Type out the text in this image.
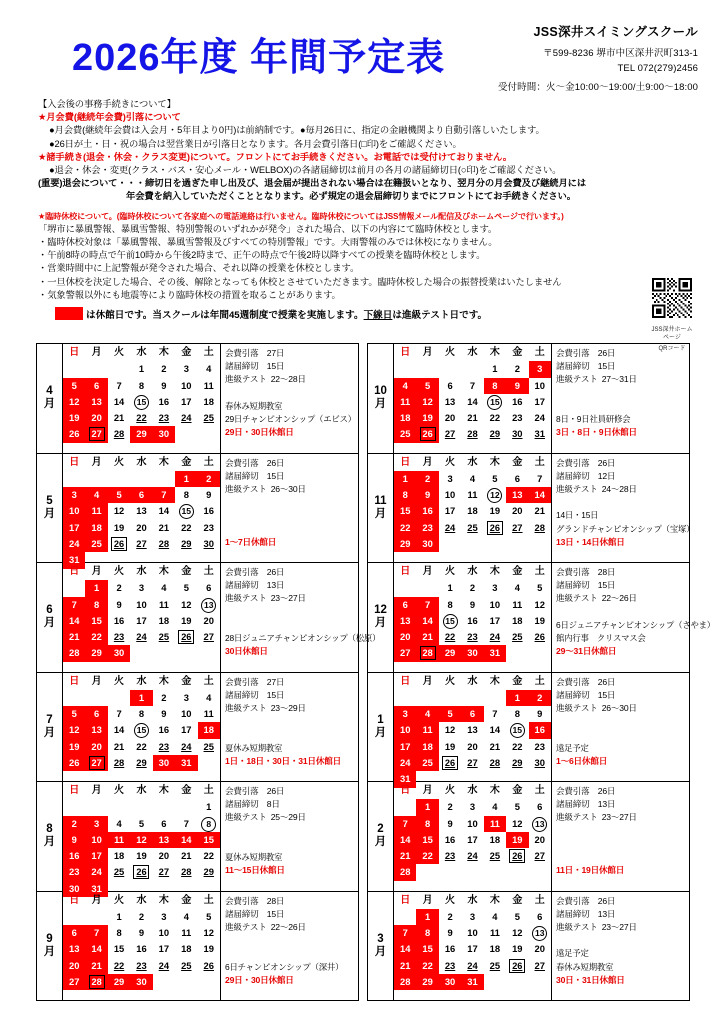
2026年度 年間予定表
JSS深井スイミングスクール
〒599-8236 堺市中区深井沢町313-1
TEL 072(279)2456
受付時間：火～金10:00～19:00/土9:00～18:00
【入会後の事務手続きについて】
★月会費(継続年会費)引落について
●月会費(継続年会費は入会月・5年目より0円)は前納制です。●毎月26日に、指定の金融機関より自動引落しいたします。
●26日が土・日・祝の場合は翌営業日が引落日となります。各月会費引落日(□印)をご確認ください。
★諸手続き(退会・休会・クラス変更)について。フロントにてお手続きください。お電話では受付けておりません。
●退会・休会・変更(クラス・バス・安心メール・WELBOX)の各諸届締切は前月の各月の諸届締切日(○印)をご確認ください。
(重要)退会について・・・締切日を過ぎた申し出及び、退会届が提出されない場合は在籍扱いとなり、翌月分の月会費及び継続月には
年会費を納入していただくこととなります。必ず規定の退会届締切りまでにフロントにてお手続きください。
★臨時休校について。(臨時休校について各家庭への電話連絡は行いません。臨時休校についてはJSS情報メール配信及びホームページで行います。)
「堺市に暴風警報、暴風雪警報、特別警報のいずれかが発令」された場合、以下の内容にて臨時休校とします。
・臨時休校対象は「暴風警報、暴風雪警報及びすべての特別警報」です。大雨警報のみでは休校になりません。
・午前8時の時点で午前10時から午後2時まで、正午の時点で午後2時以降すべての授業を臨時休校とします。
・営業時間中に上記警報が発令された場合、それ以降の授業を休校とします。
・一旦休校を決定した場合、その後、解除となっても休校とさせていただきます。臨時休校した場合の振替授業はいたしません
・気象警報以外にも地震等により臨時休校の措置を取ることがあります。
は休館日です。当スクールは年間45週制度で授業を実施します。下線日は進級テスト日です。
JSS深井ホームページ
QRコード
4
月
日	月	火	水	木	金	土
			1	2	3	4
5	6	7	8	9	10	11
12	13	14	15	16	17	18
19	20	21	22	23	24	25
26	27	28	29	30		
会費引落  27日
諸届締切  15日
進級テスト 22～28日
春休み短期教室
29日チャンピオンシップ（エビス）
29日・30日休館日
5
月
日	月	火	水	木	金	土
					1	2
3	4	5	6	7	8	9
10	11	12	13	14	15	16
17	18	19	20	21	22	23
24	25	26	27	28	29	30
31						
会費引落  26日
諸届締切  15日
進級テスト 26～30日
1～7日休館日
6
月
日	月	火	水	木	金	土
	1	2	3	4	5	6
7	8	9	10	11	12	13
14	15	16	17	18	19	20
21	22	23	24	25	26	27
28	29	30				
会費引落  26日
諸届締切  13日
進級テスト 23～27日
28日ジュニアチャンピオンシップ（松原）
30日休館日
7
月
日	月	火	水	木	金	土
			1	2	3	4
5	6	7	8	9	10	11
12	13	14	15	16	17	18
19	20	21	22	23	24	25
26	27	28	29	30	31	
会費引落  27日
諸届締切  15日
進級テスト 23～29日
夏休み短期教室
1日・18日・30日・31日休館日
8
月
日	月	火	水	木	金	土
						1
2	3	4	5	6	7	8
9	10	11	12	13	14	15
16	17	18	19	20	21	22
23	24	25	26	27	28	29
30	31					
会費引落  26日
諸届締切  8日
進級テスト 25～29日
夏休み短期教室
11～15日休館日
9
月
日	月	火	水	木	金	土
		1	2	3	4	5
6	7	8	9	10	11	12
13	14	15	16	17	18	19
20	21	22	23	24	25	26
27	28	29	30			
会費引落  28日
諸届締切  15日
進級テスト 22～26日
6日チャンピオンシップ（深井）
29日・30日休館日
10
月
日	月	火	水	木	金	土
				1	2	3
4	5	6	7	8	9	10
11	12	13	14	15	16	17
18	19	20	21	22	23	24
25	26	27	28	29	30	31
会費引落  26日
諸届締切  15日
進級テスト 27～31日
8日・9日社員研修会
3日・8日・9日休館日
11
月
日	月	火	水	木	金	土
1	2	3	4	5	6	7
8	9	10	11	12	13	14
15	16	17	18	19	20	21
22	23	24	25	26	27	28
29	30					
会費引落  26日
諸届締切  12日
進級テスト 24～28日
14日・15日
グランドチャンピオンシップ（宝塚）
13日・14日休館日
12
月
日	月	火	水	木	金	土
		1	2	3	4	5
6	7	8	9	10	11	12
13	14	15	16	17	18	19
20	21	22	23	24	25	26
27	28	29	30	31		
会費引落  28日
諸届締切  15日
進級テスト 22～26日
6日ジュニアチャンピオンシップ（さやま）
館内行事　クリスマス会
29～31日休館日
1
月
日	月	火	水	木	金	土
					1	2
3	4	5	6	7	8	9
10	11	12	13	14	15	16
17	18	19	20	21	22	23
24	25	26	27	28	29	30
31						
会費引落  26日
諸届締切  15日
進級テスト 26～30日
遠足予定
1～6日休館日
2
月
日	月	火	水	木	金	土
	1	2	3	4	5	6
7	8	9	10	11	12	13
14	15	16	17	18	19	20
21	22	23	24	25	26	27
28						
会費引落  26日
諸届締切  13日
進級テスト 23～27日
11日・19日休館日
3
月
日	月	火	水	木	金	土
	1	2	3	4	5	6
7	8	9	10	11	12	13
14	15	16	17	18	19	20
21	22	23	24	25	26	27
28	29	30	31			
会費引落  26日
諸届締切  13日
進級テスト 23～27日
遠足予定
春休み短期教室
30日・31日休館日
